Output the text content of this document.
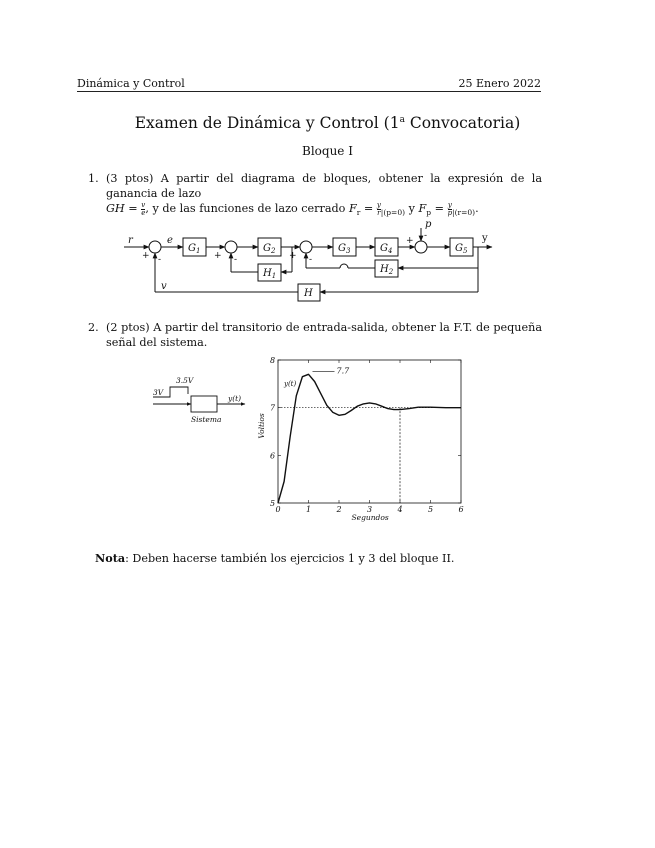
Dinámica y Control	25 Enero 2022
Examen de Dinámica y Control (1$^a$ Convocatoria)
Bloque I
1. (3 ptos) A partir del diagrama de bloques, obtener la expresión de la ganancia de lazo
GH = $\frac{v}{e}$ , y de las funciones de lazo cerrado $F_r = \frac{y}{r} _{|(p=0)}$ y $F_p = \frac{y}{p} _{|(r=0)}$.
r	e
v
p
y
$G_1$	$G_2$	$G_3$	$G_4$	$G_5$
$H_1$
$H_2$
H
+ -	+ -	+ -
+ -
2. (2 ptos) A partir del transitorio de entrada-salida, obtener la F.T. de pequeña señal del sistema.
3V
3.5V
y(t)
Sistema
0	1	2	3	4	5	6
5
6
7
8
7.7
y(t)
Segundos
Voltios
Nota: Deben hacerse también los ejercicios 1 y 3 del bloque II.
